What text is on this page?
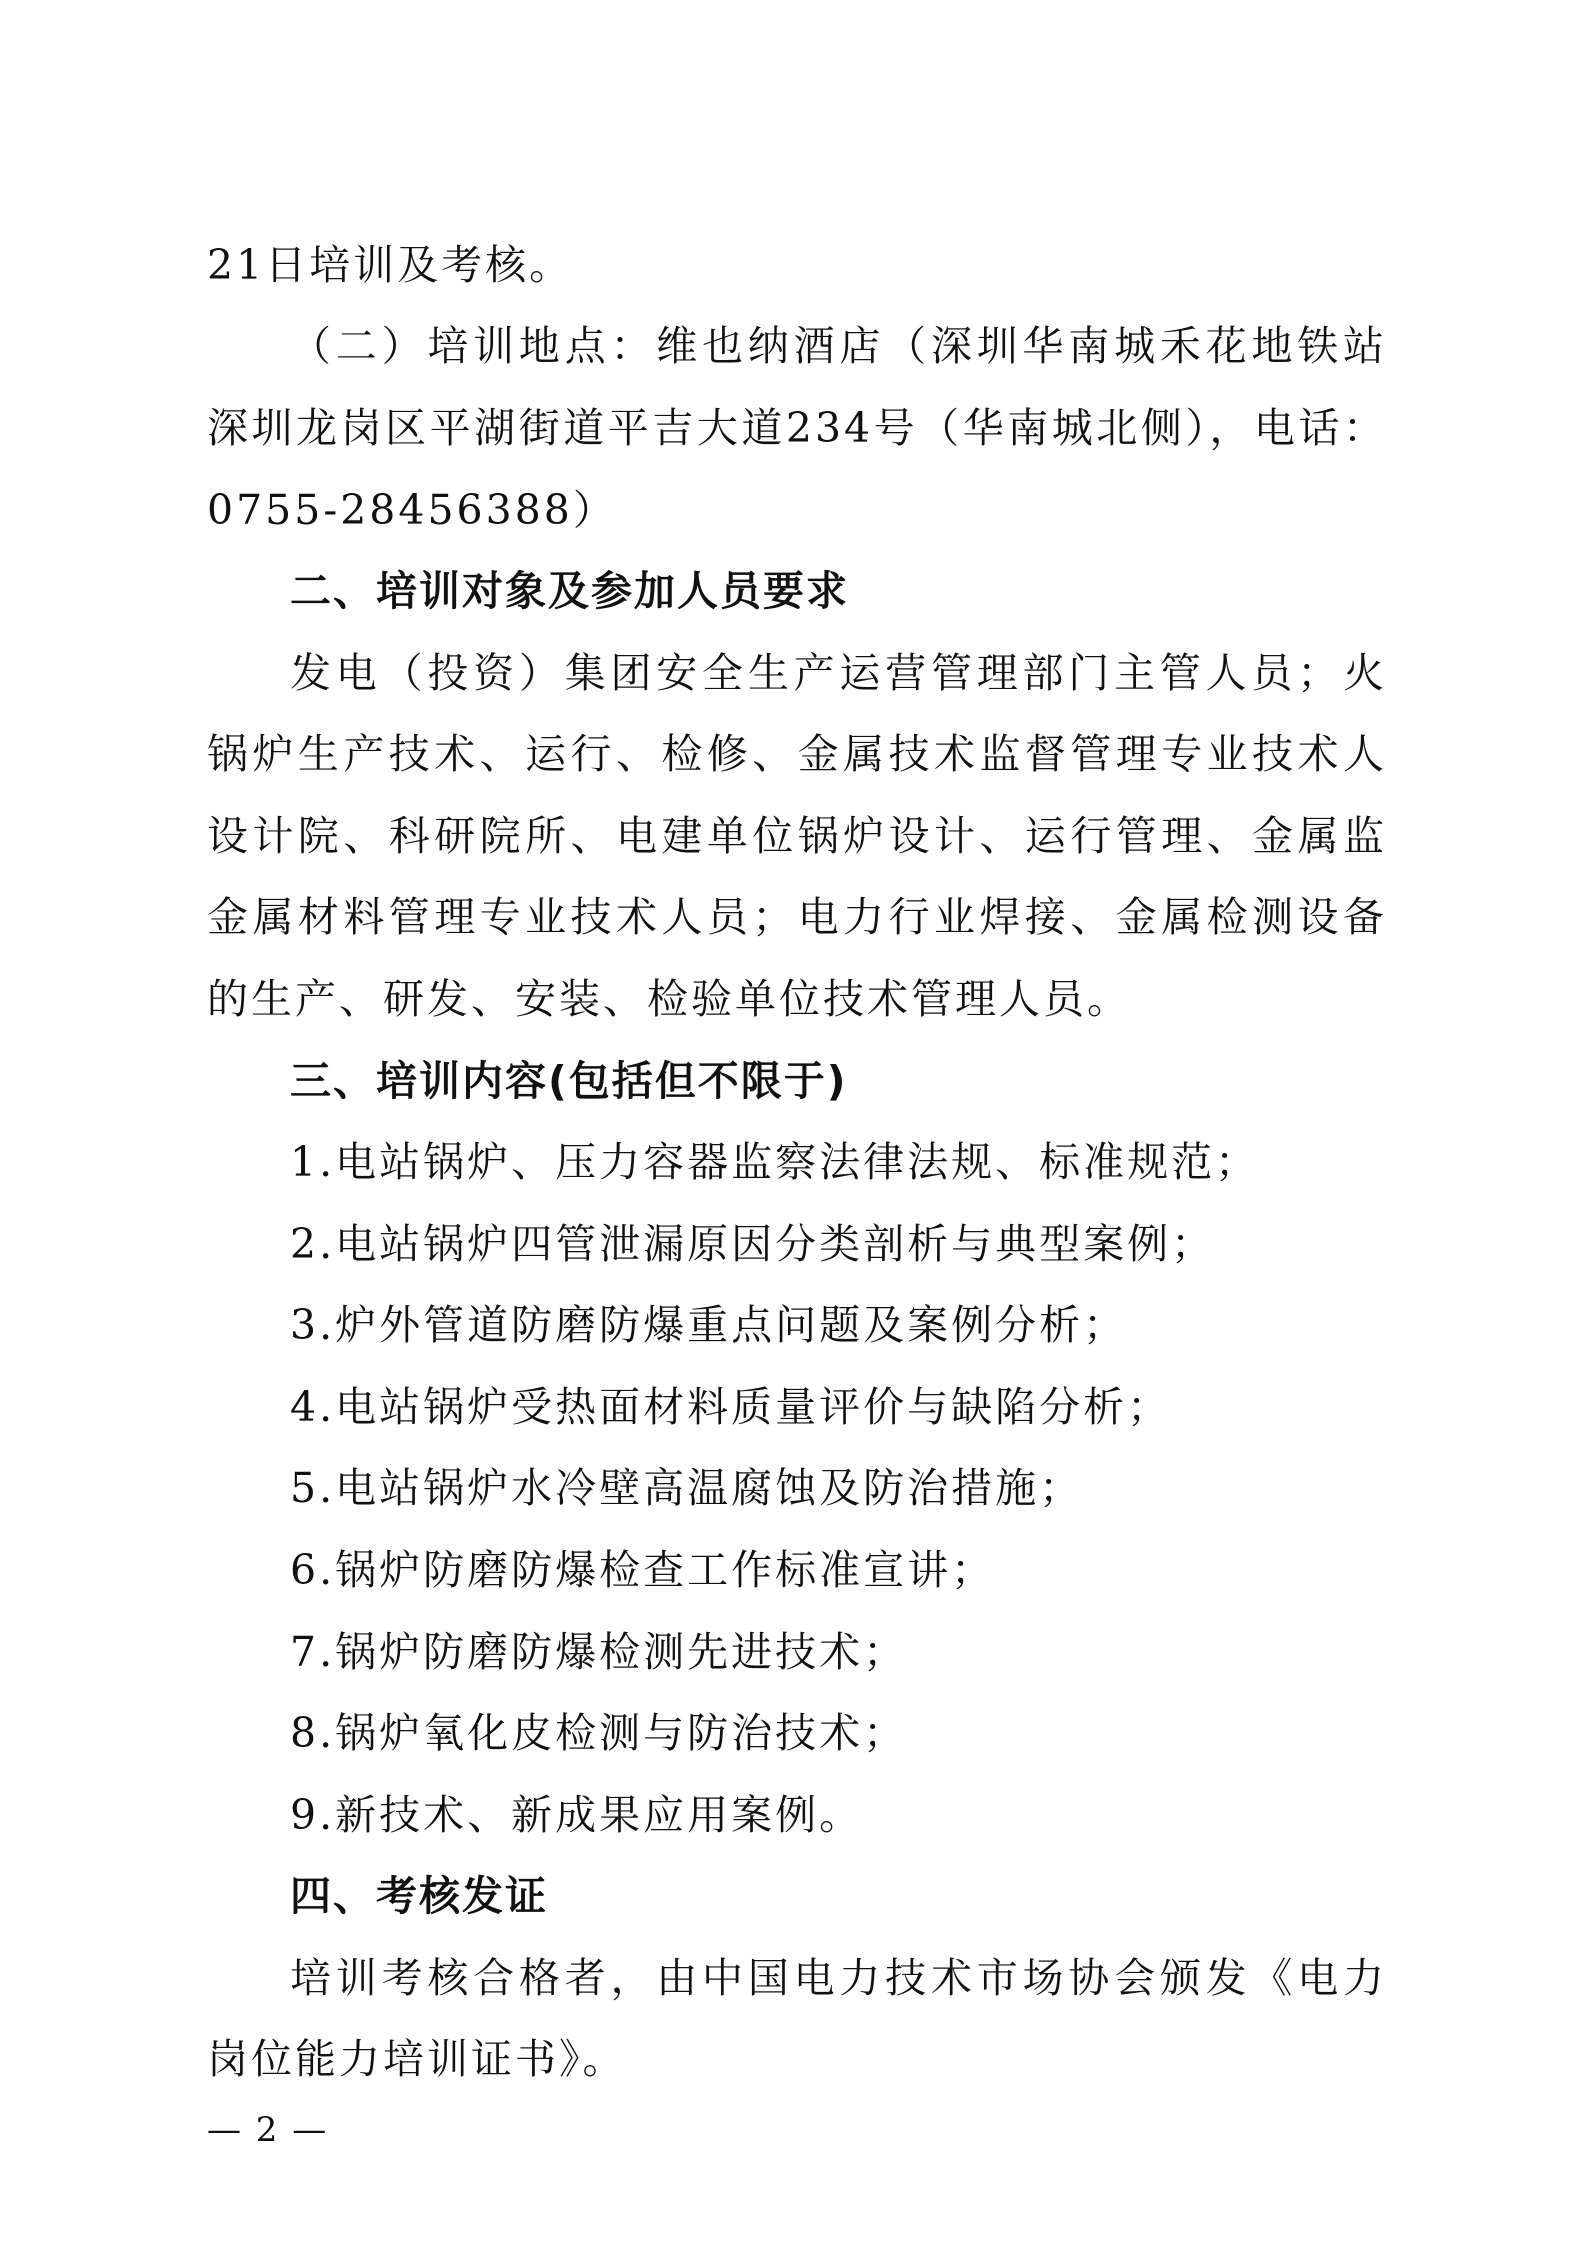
21日培训及考核。
（二）培训地点：维也纳酒店（深圳华南城禾花地铁站
深圳龙岗区平湖街道平吉大道234号（华南城北侧），电话：
0755-28456388）
二、培训对象及参加人员要求
发电（投资）集团安全生产运营管理部门主管人员；火
锅炉生产技术、运行、检修、金属技术监督管理专业技术人
设计院、科研院所、电建单位锅炉设计、运行管理、金属监
金属材料管理专业技术人员；电力行业焊接、金属检测设备
的生产、研发、安装、检验单位技术管理人员。
三、培训内容(包括但不限于)
1.电站锅炉、压力容器监察法律法规、标准规范；
2.电站锅炉四管泄漏原因分类剖析与典型案例；
3.炉外管道防磨防爆重点问题及案例分析；
4.电站锅炉受热面材料质量评价与缺陷分析；
5.电站锅炉水冷壁高温腐蚀及防治措施；
6.锅炉防磨防爆检查工作标准宣讲；
7.锅炉防磨防爆检测先进技术；
8.锅炉氧化皮检测与防治技术；
9.新技术、新成果应用案例。
四、考核发证
培训考核合格者，由中国电力技术市场协会颁发《电力
岗位能力培训证书》。
— 2 —
